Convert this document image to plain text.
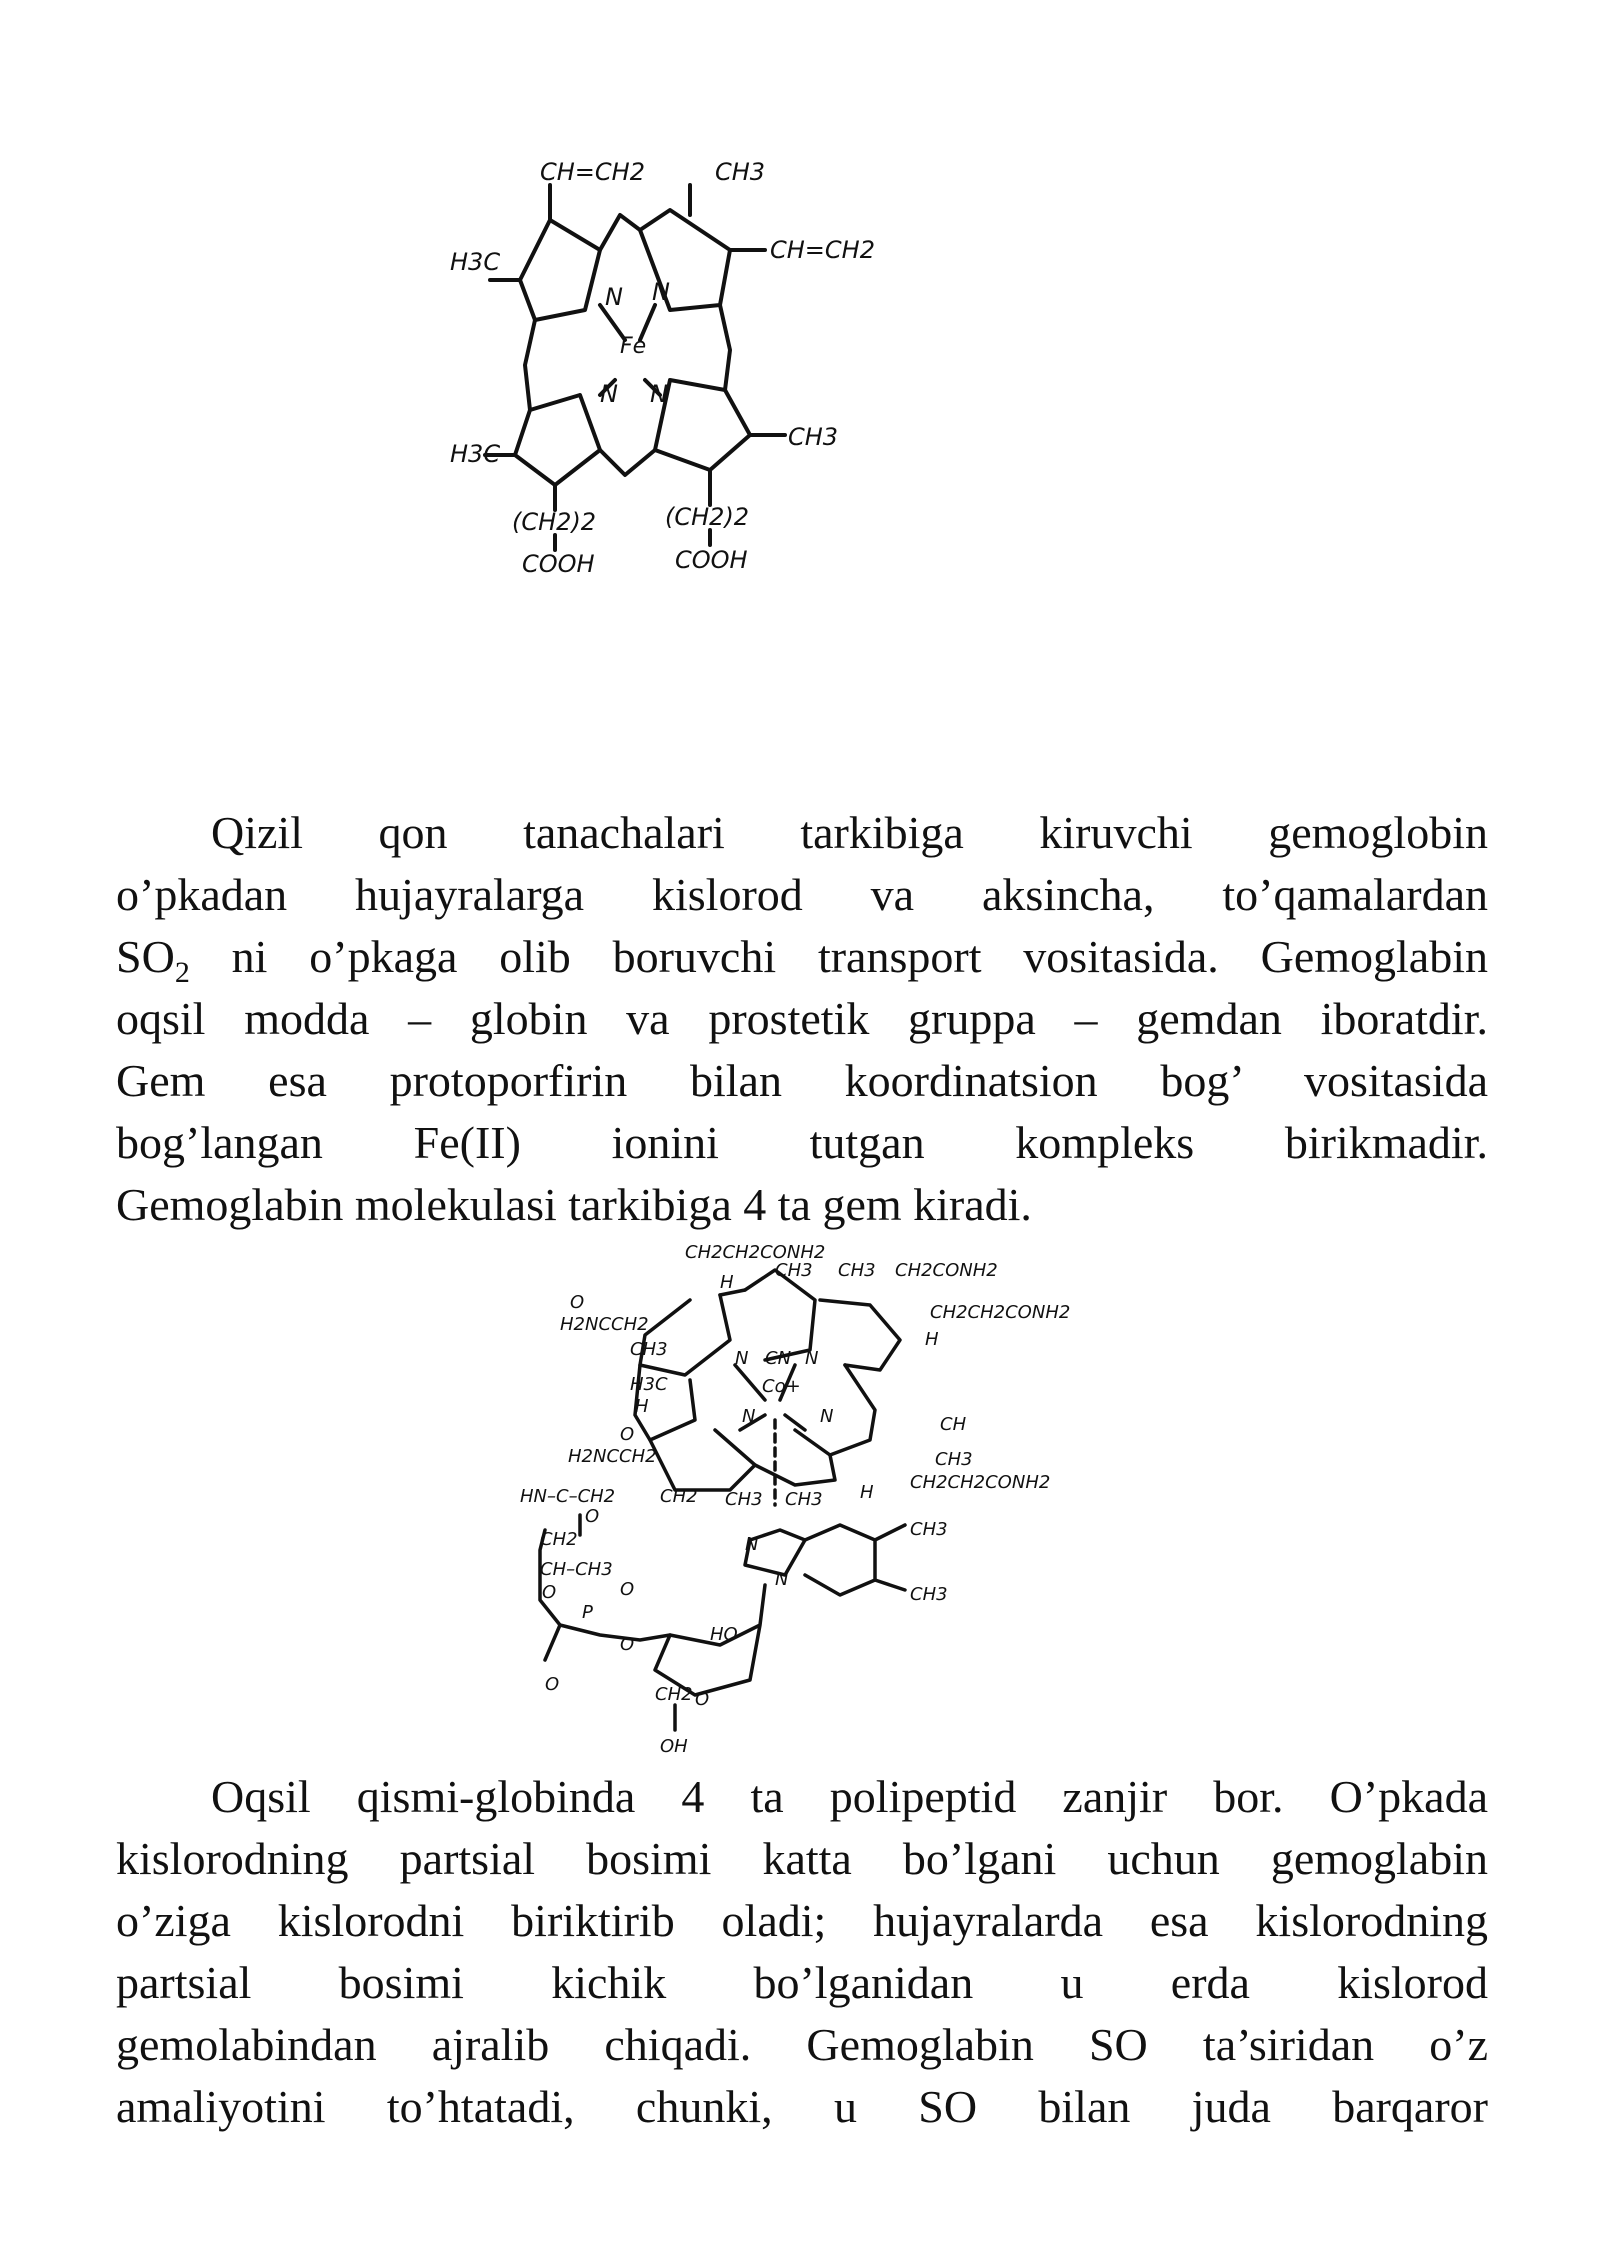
CH=CH2	CH3
CH=CH2
H3C
N N
Fe
N N
CH3
H3C
(CH2)2
COOH
(CH2)2
COOH
Qizil qon tanachalari tarkibiga kiruvchi gemoglobin
o’pkadan hujayralarga kislorod va aksincha, to’qamalardan
$SO_2$ ni o’pkaga olib boruvchi transport vositasida. Gemoglabin
oqsil modda – globin va prostetik gruppa – gemdan iboratdir.
Gem esa protoporfirin bilan koordinatsion bog’ vositasida
bog’langan Fe(II) ionini tutgan kompleks birikmadir.
Gemoglabin molekulasi tarkibiga 4 ta gem kiradi.
CH2CH2CONH2
H
CH3 CH3 CH2CONH2
CH2CH2CONH2
H
O
H2NCCH2
CH3	N CN N
H3C	Co+
H	N	N	CH
O
H2NCCH2	CH3
CH2CH2CONH2
HN–C–CH2 CH2 CH3 CH3 H
O
CH2
CH–CH3
O	O
P
O
O	HO
CH3
CH3
N
N
CH2 O
OH
Oqsil qismi-globinda 4 ta polipeptid zanjir bor. O’pkada
kislorodning partsial bosimi katta bo’lgani uchun gemoglabin
o’ziga kislorodni biriktirib oladi; hujayralarda esa kislorodning
partsial bosimi kichik bo’lganidan u erda kislorod
gemolabindan ajralib chiqadi. Gemoglabin SO ta’siridan o’z
amaliyotini to’htatadi, chunki, u SO bilan juda barqaror
